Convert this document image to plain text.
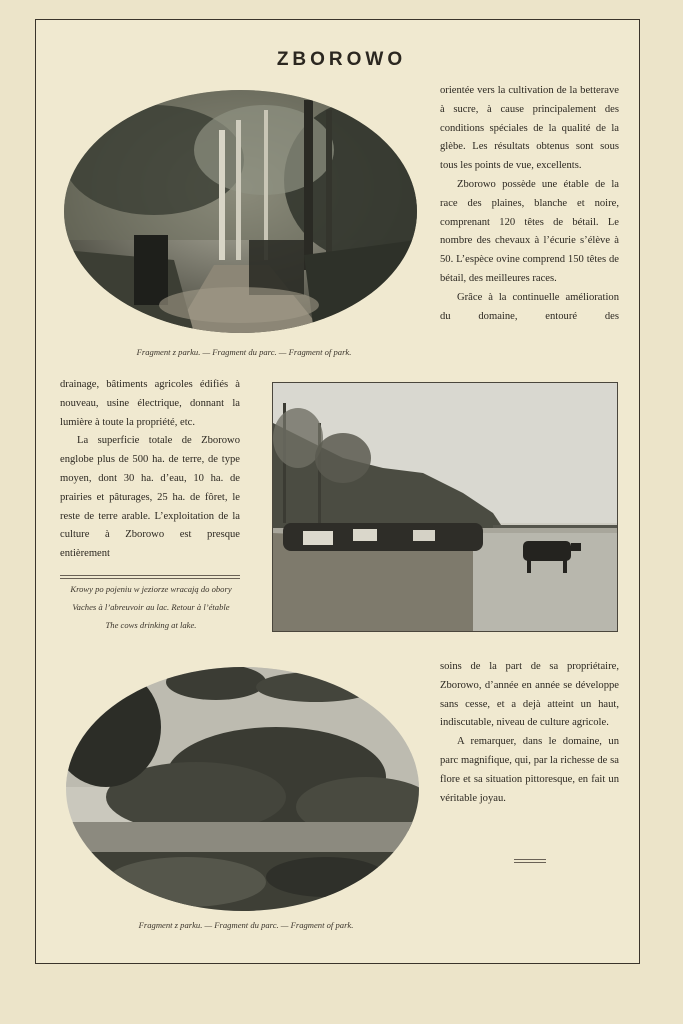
ZBOROWO
Fragment z parku. — Fragment du parc. — Fragment of park.

orientée vers la cultivation de la betterave à sucre, à cause principalement des conditions spéciales de la qualité de la glèbe. Les résultats obtenus sont sous tous les points de vue, excellents.

Zborowo possède une étable de la race des plaines, blanche et noire, comprenant 120 têtes de bétail. Le nombre des chevaux à l’écurie s’élève à 50. L’espèce ovine comprend 150 têtes de bétail, des meilleures races.

Grâce à la continuelle amélioration du domaine, entouré des

drainage, bâtiments agricoles édifiés à nouveau, usine électrique, donnant la lumière à toute la propriété, etc.

La superficie totale de Zborowo englobe plus de 500 ha. de terre, de type moyen, dont 30 ha. d’eau, 10 ha. de prairies et pâturages, 25 ha. de fôret, le reste de terre arable. L’exploitation de la culture à Zborowo est presque entièrement

Krowy po pojeniu w jeziorze wracają do obory
Vaches à l’abreuvoir au lac. Retour à l’étable
The cows drinking at lake.

soins de la part de sa propriétaire, Zborowo, d’année en année se développe sans cesse, et a dejà atteint un haut, indiscutable, niveau de culture agricole.

A remarquer, dans le domaine, un parc magnifique, qui, par la richesse de sa flore et sa situation pittoresque, en fait un véritable joyau.

Fragment z parku. — Fragment du parc. — Fragment of park.
